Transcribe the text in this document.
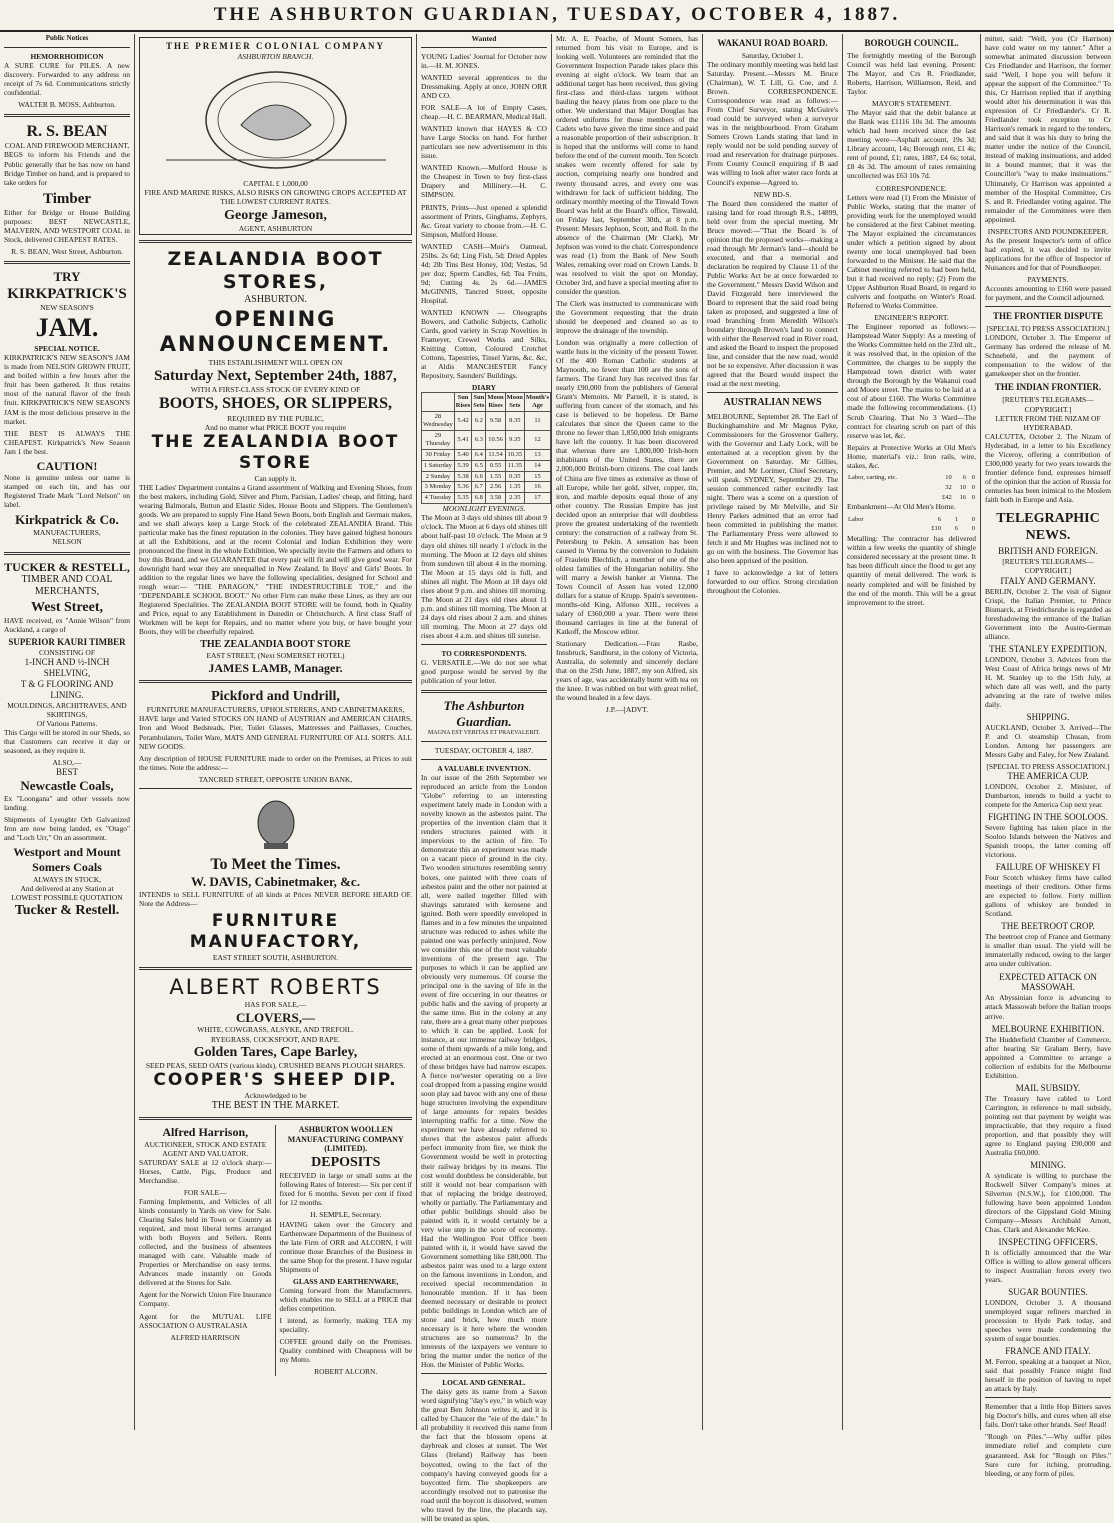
THE ASHBURTON GUARDIAN, TUESDAY, OCTOBER 4, 1887.
Public Notices
HEMORRHOIDICON

A SURE CURE for PILES. A new discovery. Forwarded to any address on receipt of 7s 6d. Communications strictly confidential.

WALTER B. MOSS, Ashburton.
R. S. BEAN
COAL AND FIREWOOD MERCHANT,

BEGS to inform his Friends and the Public generally that he has now on hand Bridge Timber on hand, and is prepared to take orders for

Timber

Either for Bridge or House Building purposes: BEST NEWCASTLE, MALVERN, AND WESTPORT COAL in Stock, delivered CHEAPEST RATES.

R. S. BEAN, West Street, Ashburton.
TRY
KIRKPATRICK'S
NEW SEASON'S
JAM.
SPECIAL NOTICE.

KIRKPATRICK'S NEW SEASON'S JAM is made from NELSON GROWN FRUIT, and boiled within a few hours after the fruit has been gathered. It thus retains most of the natural flavor of the fresh fruit. KIRKPATRICK'S NEW SEASON'S JAM is the most delicious preserve in the market.

THE BEST IS ALWAYS THE CHEAPEST. Kirkpatrick's New Season Jam 1 the best.

CAUTION!

None is genuine unless our name is stamped on each tin, and has our Registered Trade Mark "Lord Nelson" on label.

Kirkpatrick & Co.
MANUFACTURERS,
NELSON
TUCKER & RESTELL,
TIMBER AND COAL
MERCHANTS,
West Street,

HAVE received, ex "Annie Wilson" from Auckland, a cargo of

SUPERIOR KAURI TIMBER
CONSISTING OF
1-INCH AND ½-INCH SHELVING,
T & G FLOORING AND LINING.
MOULDINGS, ARCHITRAVES, AND SKIRTINGS,
Of Various Patterns.

This Cargo will be stored in our Sheds, so that Customers can receive it day or seasoned, as they require it.

ALSO,—
BEST
Newcastle Coals,

Ex "Loongana" and other vessels now landing.

Shipments of Lyeughtr Orb Galvanized Iron are now being landed, ex "Otago" and "Loch Urr," On an assortment.

Westport and Mount Somers Coals
ALWAYS IN STOCK,
And delivered at any Station at
LOWEST POSSIBLE QUOTATION
Tucker & Restell.
THE PREMIER COLONIAL COMPANY
ASHBURTON BRANCH.
CAPITAL £ 1,000,00
FIRE AND MARINE RISKS, ALSO RISKS ON GROWING CROPS ACCEPTED AT THE LOWEST CURRENT RATES.
George Jameson,
AGENT, ASHBURTON
ZEALANDIA BOOT STORES,
ASHBURTON.
OPENING ANNOUNCEMENT.
THIS ESTABLISHMENT WILL OPEN ON
Saturday Next, September 24th, 1887,
WITH A FIRST-CLASS STOCK OF EVERY KIND OF
BOOTS, SHOES, OR SLIPPERS,
REQUIRED BY THE PUBLIC,
And no matter what PRICE BOOT you require
THE ZEALANDIA BOOT STORE
Can supply it.

THE Ladies' Department contains a Grand assortment of Walking and Evening Shoes, from the best makers, including Gold, Silver and Plum, Parisian, Ladies' cheap, and fitting, hard wearing Balmorals, Button and Elastic Sides, House Boots and Slippers. The Gentlemen's goods. We are prepared to supply Fine Hand Sewn Boots, both English and German makes, and we shall always keep a Large Stock of the celebrated ZEALANDIA Brand. This particular make has the finest reputation in the colonies. They have gained highest honours at all the Exhibitions, and at the recent Colonial and Indian Exhibition they were pronounced the finest in the whole Exhibition. We specially invite the Farmers and others to buy this Brand, and we GUARANTEE that every pair will fit and will give good wear. For downright hard wear they are unequalled in New Zealand. In Boys' and Girls' Boots. In addition to the regular lines we have the following specialities, designed for School and rough wear:— "THE PARAGON," "THE INDESTRUCTIBLE TOE," and the "DEPENDABLE SCHOOL BOOT." No other Firm can make these Lines, as they are our Registered Specialities. The ZEALANDIA BOOT STORE will be found, both in Quality and Price, equal to any Establishment in Dunedin or Christchurch. A first class Staff of Workmen will be kept for Repairs, and no matter where you buy, or have bought your Boots, they will be cheerfully repaired.

THE ZEALANDIA BOOT STORE
EAST STREET, (Next SOMERSET HOTEL)
JAMES LAMB, Manager.
Pickford and Undrill,
FURNITURE MANUFACTURERS, UPHOLSTERERS, AND CABINETMAKERS,

HAVE large and Varied STOCKS ON HAND of AUSTRIAN and AMERICAN CHAIRS, Iron and Wood Bedsteads, Pier, Toilet Glasses, Mattresses and Paillasses, Couches, Perambulators, Toilet Ware, MATS AND GENERAL FURNITURE OF ALL SORTS. ALL NEW GOODS.

Any description of HOUSE FURNITURE made to order on the Premises, at Prices to suit the times. Note the address:—

TANCRED STREET, OPPOSITE UNION BANK,
To Meet the Times.
W. DAVIS, Cabinetmaker, &c.

INTENDS to SELL FURNITURE of all kinds at Prices NEVER BEFORE HEARD OF. Note the Address—

FURNITURE MANUFACTORY,
EAST STREET SOUTH, ASHBURTON.
ALBERT ROBERTS
HAS FOR SALE,—
CLOVERS,—
WHITE, COWGRASS, ALSYKE, AND TREFOIL.
RYEGRASS, COCKSFOOT, AND RAPE.
Golden Tares, Cape Barley,
SEED PEAS, SEED OATS (various kinds), CRUSHED BEANS PLOUGH SHARES.
COOPER'S SHEEP DIP.
Acknowledged to be
THE BEST IN THE MARKET.
Alfred Harrison,
AUCTIONEER, STOCK AND ESTATE AGENT AND VALUATOR.

SATURDAY SALE at 12 o'clock sharp:—Horses, Cattle, Pigs, Produce and Merchandise.

FOR SALE—

Farming Implements, and Vehicles of all kinds constantly in Yards on view for Sale. Clearing Sales held in Town or Country as required, and most liberal terms arranged with both Buyers and Sellers. Rents collected, and the business of absentees managed with care. Valuable made of Properties or Merchandise on easy terms. Advances made instantly on Goods delivered at the Stores for Sale.

Agent for the Norwich Union Fire Insurance Company.

Agent for the MUTUAL LIFE ASSOCIATION O AUSTRALASIA

ALFRED HARRISON
ASHBURTON WOOLLEN MANUFACTURING COMPANY (LIMITED).
DEPOSITS

RECEIVED in large or small sums at the following Rates of Interest:— Six per cent if fixed for 6 months. Seven per cent if fixed for 12 months.

H. SEMPLE, Secretary.

HAVING taken over the Grocery and Earthenware Departments of the Business of the late Firm of ORR and ALCORN, I will continue those Branches of the Business in the same Shop for the present. I have regular Shipments of

GLASS AND EARTHENWARE,

Coming forward from the Manufacturers, which enables me to SELL at a PRICE that defies competition.

I intend, as formerly, making TEA my speciality.

COFFEE ground daily on the Premises. Quality combined with Cheapness will be my Motto.

ROBERT ALCORN.
Wanted

YOUNG Ladies' Journal for October now in.—H. M. JONES.

WANTED several apprentices to the Dressmaking. Apply at once, JOHN ORR AND CO.

FOR SALE—A lot of Empty Cases, cheap.—H. C. BEARMAN, Medical Hall.

WANTED known that HAYES & CO have Large Stocks on hand. For further particulars see new advertisement in this issue.

WANTED Known.—Mulford House is the Cheapest in Town to buy first-class Drapery and Millinery.—H. C. SIMPSON.

PRINTS, Prints—Just opened a splendid assortment of Prints, Ginghams, Zephyrs, &c. Great variety to choose from.—H. C. Simpson, Mulford House.

WANTED CASH—Moir's Oatmeal, 25lbs. 2s 6d; Ling Fish, 5d; Dried Apples 4d; 2lb Tins Best Honey, 10d; Vestas, 5d per doz; Sperm Candles, 6d; Tea Fruits, 9d; Cutting 4s. 2s 6d.—JAMES McGINNIS, Tancred Street, opposite Hospital.

WANTED KNOWN — Oleographs Bowers, and Catholic Subjects, Catholic Cards, good variety in Scrap Novelties in Frameyer, Crewel Works and Silks, Knitting Cotton, Coloured Crotchet Cottons, Tapestries, Tinsel Yarns, &c. &c, at Aldis MANCHESTER Fancy Repository, Saunders' Buildings.

DIARY
	Sun Rises	Sun Sets	Moon Rises	Moon Sets	Month's Age
28 Wednesday	5.42	6.2	9.58	8.35	11
29 Thursday	5.41	6.3	10.56	9.35	12
30 Friday	5.40	6.4	11.54	10.35	13
1 Saturday	5.39	6.5	0.55	11.35	14
2 Sunday	5.38	6.6	1.55	0.35	15
3 Monday	5.36	6.7	2.56	1.35	16
4 Tuesday	5.35	6.8	3.58	2.35	17
MOONLIGHT EVENINGS.

The Moon at 3 days old shines till about 9 o'clock. The Moon at 6 days old shines till about half-past 10 o'clock. The Moon at 9 days old shines till nearly 1 o'clock in the morning. The Moon at 12 days old shines from sundown till about 4 in the morning. The Moon at 15 days old is full, and shines all night. The Moon at 18 days old rises about 9 p.m. and shines till morning. The Moon at 21 days old rises about 11 p.m. and shines till morning. The Moon at 24 days old rises about 2 a.m. and shines till morning. The Moon at 27 days old rises about 4 a.m. and shines till sunrise.

TO CORRESPONDENTS.

G. VERSATILE.—We do not see what good purpose would be served by the publication of your letter.

The Ashburton Guardian.
MAGNA EST VERITAS ET PRAEVALEBIT.
TUESDAY, OCTOBER 4, 1887.
A VALUABLE INVENTION.

In our issue of the 26th September we reproduced an article from the London "Globe" referring to an interesting experiment lately made in London with a novelty known as the asbestos paint. The properties of the invention claim that it renders structures painted with it impervious to the action of fire. To demonstrate this an experiment was made on a vacant piece of ground in the city. Two wooden structures resembling sentry boxes, one painted with three coats of asbestos paint and the other not painted at all, were nailed together filled with shavings saturated with kerosene and ignited. Both were speedily enveloped in flames and in a few minutes the unpainted structure was reduced to ashes while the painted one was perfectly uninjured. Now we consider this one of the most valuable inventions of the present age. The purposes to which it can be applied are obviously very numerous. Of course the principal one is the saving of life in the event of fire occurring in our theatres or public halls and the saving of property at the same time. But in the colony at any rate, there are a great many other purposes to which it can be applied. Look for instance, at our immense railway bridges, some of them upwards of a mile long, and erected at an enormous cost. One or two of these bridges have had narrow escapes. A fierce nor'wester operating on a live coal dropped from a passing engine would soon play sad havoc with any one of these huge structures involving the expenditure of large amounts for repairs besides interrupting traffic for a time. Now the experiment we have already referred to shows that the asbestos paint affords perfect immunity from fire, we think the Government would be well in protecting their railway bridges by its means. The cost would doubtless be considerable, but still it would not bear comparison with that of replacing the bridge destroyed, wholly or partially. The Parliamentary and other public buildings should also be painted with it, it would certainly be a very wise step in the score of economy. Had the Wellington Post Office been painted with it, it would have saved the Government something like £80,000. The asbestos paint was used to a large extent on the famous inventions in London, and received special recommendation in honourable mention. If it has been deemed necessary or desirable to protect public buildings in London which are of stone and brick, how much more necessary is it here where the wooden structures are so numerous? In the interests of the taxpayers we venture to bring the matter under the notice of the Hon. the Minister of Public Works.

LOCAL AND GENERAL.

The daisy gets its name from a Saxon word signifying "day's eye," in which way the great Ben Johnson writes it, and it is called by Chaucer the "eie of the daie." In all probability it received this name from the fact that the blossom opens at daybreak and closes at sunset. The Wet Glass (Ireland) Railway has been boycotted, owing to the fact of the company's having conveyed goods for a boycotted firm. The shopkeepers are accordingly resolved not to patronise the road until the boycott is dissolved, women who travel by the line, the placards say, will be treated as spies.

Mr. A. E. Peache, of Mount Somers, has returned from his visit to Europe, and is looking well. Volunteers are reminded that the Government Inspection Parade takes place this evening at eight o'clock. We learn that an additional target has been received, thus giving first-class and third-class targets without hauling the heavy plates from one place to the other. We understand that Major Douglas has ordered uniforms for those members of the Cadets who have given the time since and paid a reasonable proportion of their subscription. It is hoped that the uniforms will come to hand before the end of the current month. Ten Scotch snakes were recently offered for sale by auction, comprising nearly one hundred and twenty thousand acres, and every one was withdrawn for lack of sufficient bidding. The ordinary monthly meeting of the Tinwald Town Board was held at the Board's office, Tinwald, on Friday last, September 30th, at 8 p.m. Present: Messrs Jephson, Scott, and Roll. In the absence of the Chairman (Mr Clark), Mr Jephson was voted to the chair. Correspondence was read (1) from the Bank of New South Wales, remaking over road on Crown Lands. It was resolved to visit the spot on Monday, October 3rd, and have a special meeting after to consider the question.

The Clerk was instructed to communicate with the Government requesting that the drain should be deepened and cleaned so as to improve the drainage of the township.

London was originally a mere collection of wattle huts in the vicinity of the present Tower. Of the 400 Roman Catholic students at Maynooth, no fewer than 100 are the sons of farmers. The Grand Jury has received thus far nearly £90,000 from the publishers of General Grant's Memoirs. Mr Parnell, it is stated, is suffering from cancer of the stomach, and his case is believed to be hopeless. Dr Barne calculates that since the Queen came to the throne no fewer than 1,850,000 Irish emigrants have left the country. It has been discovered that whereas there are 1,800,000 Irish-born inhabitants of the United States, there are 2,000,000 British-born citizens. The coal lands of China are five times as extensive as those of all Europe, while her gold, silver, copper, tin, iron, and marble deposits equal those of any other country. The Russian Empire has just decided upon an enterprise that will doubtless prove the greatest undertaking of the twentieth century: the construction of a railway from St. Petersburg to Pekin. A sensation has been caused in Vienna by the conversion to Judaism of Fraulein Blechlich, a member of one of the oldest families of the Hungarian nobility. She will marry a Jewish banker at Vienna. The Town Council of Assen has voted 12,000 dollars for a statue of Krupp. Spain's seventeen-months-old King, Alfonso XIII., receives a salary of £360,000 a year. There were three thousand carriages in line at the funeral of Katkoff, the Moscow editor.

Stationary Dedication.—Frau Rasbe, Innsbruck, Sandhurst, in the colony of Victoria, Australia, do solemnly and sincerely declare that on the 25th June, 1887, my son Alfred, six years of age, was accidentally burnt with tea on the knee. It was rubbed on but with great relief, the wound healed in a few days.

J.P.—[ADVT.
WAKANUI ROAD BOARD.
Saturday, October 1.

The ordinary monthly meeting was held last Saturday. Present.—Messrs M. Bruce (Chairman), W. T. Lill, G. Coe, and J. Brown. CORRESPONDENCE. Correspondence was read as follows:—From Chief Surveyor, stating McGuire's road could be surveyed when a surveyor was in the neighbourhood. From Graham Somers Crown Lands stating that land in reply would not be sold pending survey of road and reservation for drainage purposes. From County Council enquiring if B aad was willing to look after water race fords at Council's expense—Agreed to.

NEW BD-S.

The Board then considered the matter of raising land for road through R.S., 14899, held over from the special meeting. Mr Bruce moved:—"That the Board is of opinion that the proposed works—making a road through Mr Jerman's land—should be executed, and that a memorial and declaration be required by Clause 11 of the Public Works Act be at once forwarded to the Government." Messrs David Wilson and David Fitzgerald here interviewed the Board to represent that the said road being taken as proposed, and suggested a line of road branching from Meredith Wilson's boundary through Brown's land to connect with either the Reserved road in River road, and asked the Board to inspect the proposed line, and consider that the new road, would not be so expensive. After discussion it was agreed that the Board would inspect the road at the next meeting.

AUSTRALIAN NEWS

MELBOURNE, September 28. The Earl of Buckinghamshire and Mr Magnus Pyke, Commissioners for the Grosvenor Gallery, with the Governor and Lady Lock, will be entertained at a reception given by the Government on Saturday. Mr Gillies, Premier, and Mr Lorimer, Chief Secretary, will speak. SYDNEY, September 29. The session commenced rather excitedly last night. There was a scene on a question of privilege raised by Mr Melville, and Sir Henry Parkes admitted that an error had been committed in publishing the matter. The Parliamentary Press were allowed to fetch it and Mr Hughes was inclined not to go on with the business. The Governor has also been apprised of the position.

I have to acknowledge a lot of letters forwarded to our office. Strong circulation throughout the Colonies.

BOROUGH COUNCIL.

The fortnightly meeting of the Borough Council was held last evening. Present: The Mayor, and Crs R. Friedlander, Roberts, Harrison, Williamson, Reid, and Taylor.

MAYOR'S STATEMENT.

The Mayor said that the debit balance at the Bank was £1116 10s 3d. The amounts which had been received since the last meeting were—Asphalt account, 19s 3d; Library account, 14s; Borough rent, £1 4s; rent of pound, £1; rates, 1887, £4 6s; total, £8 4s 3d. The amount of rates remaining uncollected was £63 10s 7d.

CORRESPONDENCE.

Letters were read (1) From the Minister of Public Works, stating that the matter of providing work for the unemployed would be considered at the first Cabinet meeting. The Mayor explained the circumstances under which a petition signed by about twenty one local unemployed had been forwarded to the Minister. He said that the Cabinet meeting referred to had been held, but it had received no reply; (2) From the Upper Ashburton Road Board, in regard to culverts and footpaths on Winter's Road. Referred to Works Committee.

ENGINEER'S REPORT.

The Engineer reported as follows:—Hampstead Water Supply: As a meeting of the Works Committee held on the 23rd ult., it was resolved that, in the opinion of the Committee, the charges to be supply the Hampstead town district with water through the Borough by the Wakanui road and Moore street. The mains to be laid at a cost of about £160. The Works Committee made the following recommendations. (1) Scrub Clearing. That No 3 Ward—The contract for clearing scrub on part of this reserve was let, &c.

Repairs at Protective Works at Old Men's Home, material's viz.: Iron rails, wire, stakes, &c.

Labor, carting, etc.	10	6	0
	32	10	0
	£42	16	0

Embankment—At Old Men's Home.

Labor	6	1	0
	£10	6	0

Metalling: The contractor has delivered within a few weeks the quantity of shingle considered necessary at the present time. It has been difficult since the flood to get any quantity of metal delivered. The work is nearly completed and will be finished by the end of the month. This will be a great improvement to the street.

mitter, said: "Well, you (Cr Harrison) have cold water on my tanner." After a somewhat animated discussion between Crs Friedlander and Harrison, the former said "Well, I hope you will before it appear the support of the Committee." To this, Cr Harrison replied that if anything would alter his determination it was this expression of Cr Friedlander's. Cr R. Friedlander took exception to Cr Harrison's remark in regard to the tenders, and said that it was his duty to bring the matter under the notice of the Council, instead of making insinuations, and added in a bound manner, that it was the Councillor's "way to make insinuations." Ultimately, Cr Harrison was appointed a member of the Hospital Committee, Crs S. and R. Friedlander voting against. The remainder of the Committees were then appointed.

INSPECTORS AND POUNDKEEPER.

As the present Inspector's term of office had expired, it was decided to invite applications for the office of Inspector of Nuisances and for that of Poundkeeper.

PAYMENTS.

Accounts amounting to £160 were passed for payment, and the Council adjourned.

THE FRONTIER DISPUTE
[SPECIAL TO PRESS ASSOCIATION.]

LONDON, October 3. The Emperor of Germany has ordered the release of M. Schnebelé, and the payment of compensation to the widow of the gamekeeper shot on the frontier.

THE INDIAN FRONTIER.
[REUTER'S TELEGRAMS—COPYRIGHT.]
LETTER FROM THE NIZAM OF HYDERABAD.

CALCUTTA, October 2. The Nizam of Hyderabad, in a letter to his Excellency the Viceroy, offering a contribution of £300,000 yearly for two years towards the frontier defence fund, expresses himself of the opinion that the action of Russia for centuries has been inimical to the Moslem faith both in Europe and Asia.

TELEGRAPHIC NEWS.
BRITISH AND FOREIGN.
[REUTER'S TELEGRAMS—COPYRIGHT.]
ITALY AND GERMANY.

BERLIN, October 2. The visit of Signor Crispi, the Italian Premier, to Prince Bismarck, at Friedrichsruhe is regarded as foreshadowing the entrance of the Italian Government into the Austro-German alliance.

THE STANLEY EXPEDITION.

LONDON, October 3. Advices from the West Coast of Africa brings news of Mr H. M. Stanley up to the 15th July, at which date all was well, and the party advancing at the rate of twelve miles daily.

SHIPPING.

AUCKLAND, October 3. Arrived—The P. and O. steamship Chusan, from London. Among her passengers are Messrs Gaby and Faley, for New Zealand.

[SPECIAL TO PRESS ASSOCIATION.]
THE AMERICA CUP.

LONDON, October 2. Minister, of Dumbarton, intends to build a yacht to compete for the America Cup next year.

FIGHTING IN THE SOOLOOS.

Severe fighting has taken place in the Sooloo Islands between the Natives and Spanish troops, the latter coming off victorious.

FAILURE OF WHISKEY FI

Four Scotch whiskey firms have called meetings of their creditors. Other firms are expected to follow. Forty million gallons of whiskey are bonded in Scotland.

THE BEETROOT CROP.

The beetroot crop of France and Germany is smaller than usual. The yield will be immaterially reduced, owing to the larger area under cultivation.

EXPECTED ATTACK ON MASSOWAH.

An Abyssinian force is advancing to attack Massowah before the Italian troops arrive.

MELBOURNE EXHIBITION.

The Hudderfield Chamber of Commerce, after hearing Sir Graham Berry, have appointed a Committee to arrange a collection of exhibits for the Melbourne Exhibition.

MAIL SUBSIDY.

The Treasury have cabled to Lord Carrington, in reference to mail subsidy, pointing out that payment by weight was impracticable, that they require a fixed proportion, and that possibly they will agree to England paying £90,000 and Australia £60,000.

MINING.

A syndicate is willing to purchase the Rockwell Silver Company's mines at Silverton (N.S.W.), for £100,000. The following have been appointed London directors of the Gippsland Gold Mining Company—Messrs Archibald Arnott, Chas. Clark and Alexander McKee.

INSPECTING OFFICERS.

It is officially announced that the War Office is willing to allow general officers to inspect Australian forces every two years.

SUGAR BOUNTIES.

LONDON, October 3. A thousand unemployed sugar refiners marched in procession to Hyde Park today, and speeches were made condemning the system of sugar bounties.

FRANCE AND ITALY.

M. Ferron, speaking at a banquet at Nice, said that possibly France might find herself in the position of having to repel an attack by Italy.

Remember that a little Hop Bitters saves big Doctor's bills, and cures when all else fails. Don't take other brands. See! Read!

"Rough on Piles."—Why suffer piles immediate relief and complete cure guaranteed. Ask for "Rough on Piles." Sure cure for itching, protruding, bleeding, or any form of piles.
